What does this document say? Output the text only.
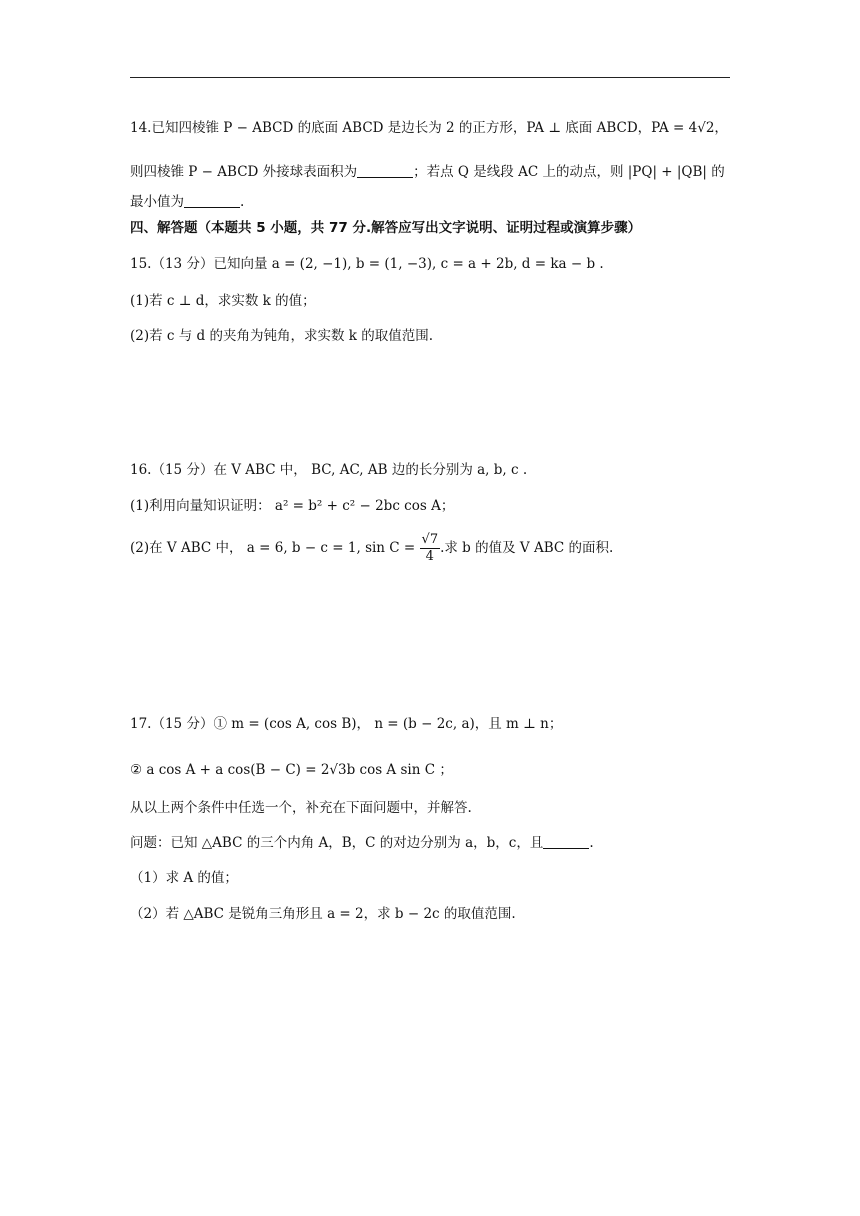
14.已知四棱锥 P − ABCD 的底面 ABCD 是边长为 2 的正方形，PA ⊥ 底面 ABCD，PA = 4√2，
则四棱锥 P − ABCD 外接球表面积为	；若点 Q 是线段 AC 上的动点，则 |PQ| + |QB| 的
最小值为	.
四、解答题（本题共 5 小题，共 77 分.解答应写出文字说明、证明过程或演算步骤）
15.（13 分）已知向量 a = (2, −1), b = (1, −3), c = a + 2b, d = ka − b .
(1)若 c ⊥ d，求实数 k 的值；
(2)若 c 与 d 的夹角为钝角，求实数 k 的取值范围.
16.（15 分）在 V ABC 中， BC, AC, AB 边的长分别为 a, b, c .
(1)利用向量知识证明： a² = b² + c² − 2bc cos A；
(2)在 V ABC 中， a = 6, b − c = 1, $\sin C = \frac{√7}{4}$ .求 b 的值及 V ABC 的面积.
17.（15 分）① m = (cos A, cos B)， n = (b − 2c, a)，且 m ⊥ n；
② a cos A + a cos(B − C) = 2√3b cos A sin C ；
从以上两个条件中任选一个，补充在下面问题中，并解答.
问题：已知 △ABC 的三个内角 A，B，C 的对边分别为 a，b，c，且	.
（1）求 A 的值；
（2）若 △ABC 是锐角三角形且 a = 2，求 b − 2c 的取值范围.
